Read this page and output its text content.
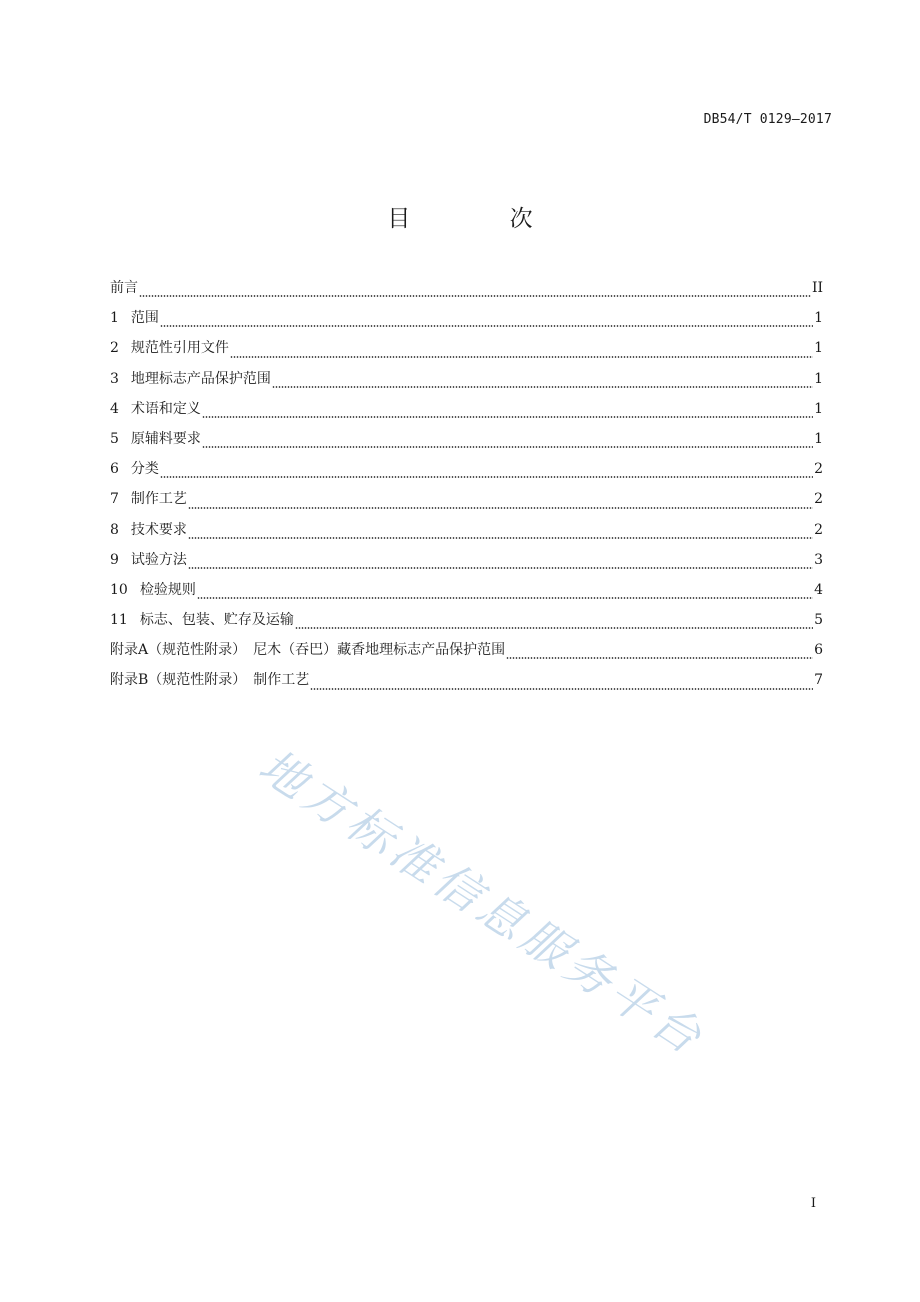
DB54/T 0129—2017
目 次
前言	II
1 范围	1
2 规范性引用文件	1
3 地理标志产品保护范围	1
4 术语和定义	1
5 原辅料要求	1
6 分类	2
7 制作工艺	2
8 技术要求	2
9 试验方法	3
10 检验规则	4
11 标志、包装、贮存及运输	5
附录A（规范性附录）　尼木（吞巴）藏香地理标志产品保护范围	6
附录B（规范性附录）　制作工艺	7
地方标准信息服务平台
I
